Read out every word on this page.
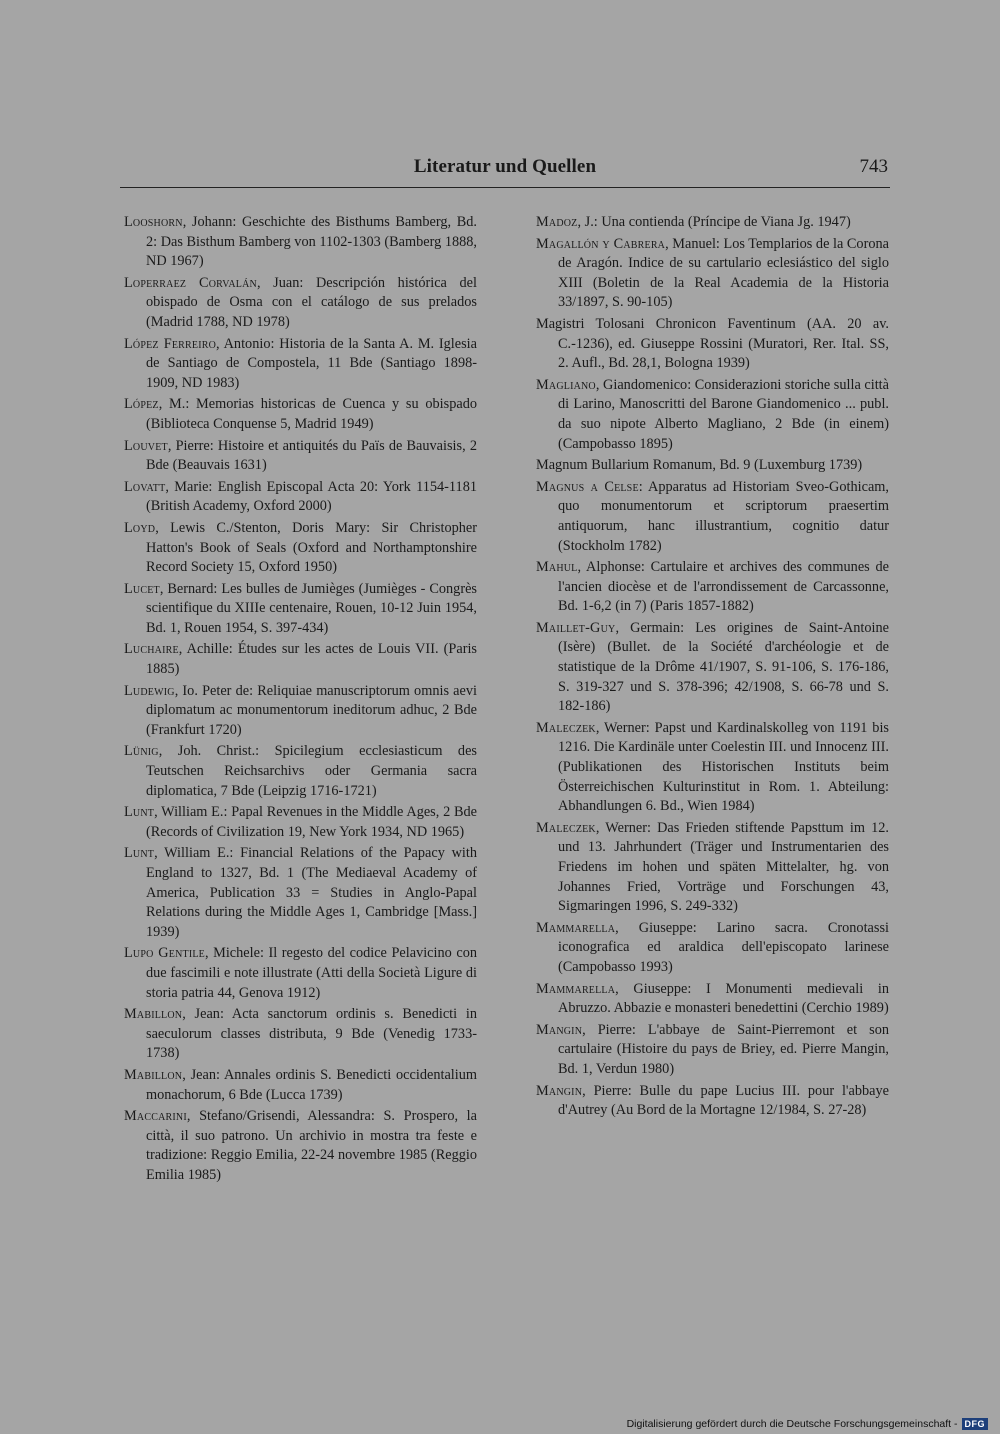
Literatur und Quellen	743

Looshorn, Johann: Geschichte des Bisthums Bamberg, Bd. 2: Das Bisthum Bamberg von 1102-1303 (Bamberg 1888, ND 1967)

Loperraez Corvalán, Juan: Descripción histórica del obispado de Osma con el catálogo de sus prelados (Madrid 1788, ND 1978)

López Ferreiro, Antonio: Historia de la Santa A. M. Iglesia de Santiago de Compostela, 11 Bde (Santiago 1898-1909, ND 1983)

López, M.: Memorias historicas de Cuenca y su obispado (Biblioteca Conquense 5, Madrid 1949)

Louvet, Pierre: Histoire et antiquités du Païs de Bauvaisis, 2 Bde (Beauvais 1631)

Lovatt, Marie: English Episcopal Acta 20: York 1154-1181 (British Academy, Oxford 2000)

Loyd, Lewis C./Stenton, Doris Mary: Sir Christopher Hatton's Book of Seals (Oxford and Northamptonshire Record Society 15, Oxford 1950)

Lucet, Bernard: Les bulles de Jumièges (Jumièges - Congrès scientifique du XIIIe centenaire, Rouen, 10-12 Juin 1954, Bd. 1, Rouen 1954, S. 397-434)

Luchaire, Achille: Études sur les actes de Louis VII. (Paris 1885)

Ludewig, Io. Peter de: Reliquiae manuscriptorum omnis aevi diplomatum ac monumentorum ineditorum adhuc, 2 Bde (Frankfurt 1720)

Lünig, Joh. Christ.: Spicilegium ecclesiasticum des Teutschen Reichsarchivs oder Germania sacra diplomatica, 7 Bde (Leipzig 1716-1721)

Lunt, William E.: Papal Revenues in the Middle Ages, 2 Bde (Records of Civilization 19, New York 1934, ND 1965)

Lunt, William E.: Financial Relations of the Papacy with England to 1327, Bd. 1 (The Mediaeval Academy of America, Publication 33 = Studies in Anglo-Papal Relations during the Middle Ages 1, Cambridge [Mass.] 1939)

Lupo Gentile, Michele: Il regesto del codice Pelavicino con due fascimili e note illustrate (Atti della Società Ligure di storia patria 44, Genova 1912)

Mabillon, Jean: Acta sanctorum ordinis s. Benedicti in saeculorum classes distributa, 9 Bde (Venedig 1733-1738)

Mabillon, Jean: Annales ordinis S. Benedicti occidentalium monachorum, 6 Bde (Lucca 1739)

Maccarini, Stefano/Grisendi, Alessandra: S. Prospero, la città, il suo patrono. Un archivio in mostra tra feste e tradizione: Reggio Emilia, 22-24 novembre 1985 (Reggio Emilia 1985)

Madoz, J.: Una contienda (Príncipe de Viana Jg. 1947)

Magallón y Cabrera, Manuel: Los Templarios de la Corona de Aragón. Indice de su cartulario eclesiástico del siglo XIII (Boletin de la Real Academia de la Historia 33/1897, S. 90-105)

Magistri Tolosani Chronicon Faventinum (AA. 20 av. C.-1236), ed. Giuseppe Rossini (Muratori, Rer. Ital. SS, 2. Aufl., Bd. 28,1, Bologna 1939)

Magliano, Giandomenico: Considerazioni storiche sulla città di Larino, Manoscritti del Barone Giandomenico ... publ. da suo nipote Alberto Magliano, 2 Bde (in einem) (Campobasso 1895)

Magnum Bullarium Romanum, Bd. 9 (Luxemburg 1739)

Magnus a Celse: Apparatus ad Historiam Sveo-Gothicam, quo monumentorum et scriptorum praesertim antiquorum, hanc illustrantium, cognitio datur (Stockholm 1782)

Mahul, Alphonse: Cartulaire et archives des communes de l'ancien diocèse et de l'arrondissement de Carcassonne, Bd. 1-6,2 (in 7) (Paris 1857-1882)

Maillet-Guy, Germain: Les origines de Saint-Antoine (Isère) (Bullet. de la Société d'archéologie et de statistique de la Drôme 41/1907, S. 91-106, S. 176-186, S. 319-327 und S. 378-396; 42/1908, S. 66-78 und S. 182-186)

Maleczek, Werner: Papst und Kardinalskolleg von 1191 bis 1216. Die Kardinäle unter Coelestin III. und Innocenz III. (Publikationen des Historischen Instituts beim Österreichischen Kulturinstitut in Rom. 1. Abteilung: Abhandlungen 6. Bd., Wien 1984)

Maleczek, Werner: Das Frieden stiftende Papsttum im 12. und 13. Jahrhundert (Träger und Instrumentarien des Friedens im hohen und späten Mittelalter, hg. von Johannes Fried, Vorträge und Forschungen 43, Sigmaringen 1996, S. 249-332)

Mammarella, Giuseppe: Larino sacra. Cronotassi iconografica ed araldica dell'episcopato larinese (Campobasso 1993)

Mammarella, Giuseppe: I Monumenti medievali in Abruzzo. Abbazie e monasteri benedettini (Cerchio 1989)

Mangin, Pierre: L'abbaye de Saint-Pierremont et son cartulaire (Histoire du pays de Briey, ed. Pierre Mangin, Bd. 1, Verdun 1980)

Mangin, Pierre: Bulle du pape Lucius III. pour l'abbaye d'Autrey (Au Bord de la Mortagne 12/1984, S. 27-28)

Digitalisierung gefördert durch die Deutsche Forschungsgemeinschaft - DFG
